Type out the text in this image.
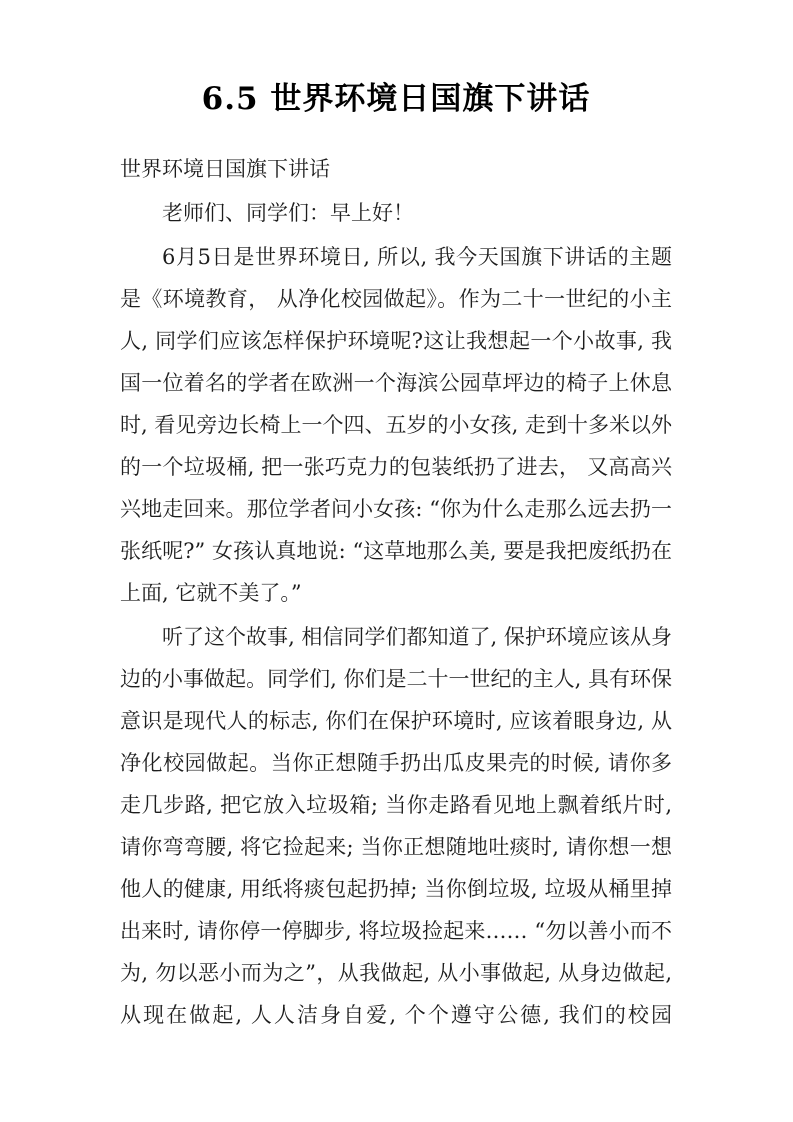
6.5 世界环境日国旗下讲话

世界环境日国旗下讲话

老师们、同学们：早上好！

6月5日是世界环境日, 所以, 我今天国旗下讲话的主题是《环境教育， 从净化校园做起》。作为二十一世纪的小主人, 同学们应该怎样保护环境呢?这让我想起一个小故事, 我国一位着名的学者在欧洲一个海滨公园草坪边的椅子上休息时, 看见旁边长椅上一个四、五岁的小女孩, 走到十多米以外的一个垃圾桶, 把一张巧克力的包装纸扔了进去， 又高高兴兴地走回来。那位学者问小女孩: “你为什么走那么远去扔一张纸呢?” 女孩认真地说: “这草地那么美, 要是我把废纸扔在上面, 它就不美了。”

听了这个故事, 相信同学们都知道了, 保护环境应该从身边的小事做起。同学们, 你们是二十一世纪的主人, 具有环保意识是现代人的标志, 你们在保护环境时, 应该着眼身边, 从净化校园做起。当你正想随手扔出瓜皮果壳的时候, 请你多走几步路, 把它放入垃圾箱; 当你走路看见地上飘着纸片时, 请你弯弯腰, 将它捡起来; 当你正想随地吐痰时, 请你想一想他人的健康, 用纸将痰包起扔掉; 当你倒垃圾, 垃圾从桶里掉出来时, 请你停一停脚步, 将垃圾捡起来…… “勿以善小而不为, 勿以恶小而为之”，从我做起, 从小事做起, 从身边做起, 从现在做起, 人人洁身自爱, 个个遵守公德, 我们的校园
